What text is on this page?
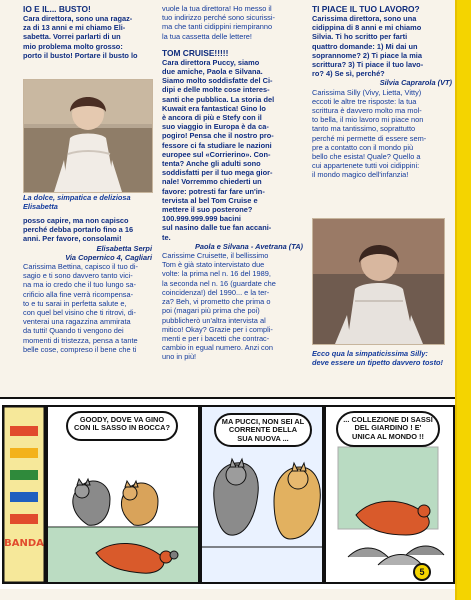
IO E IL... BUSTO!

Cara direttora, sono una ragaz-

za di 13 anni e mi chiamo Eli-

sabetta. Vorrei parlarti di un

mio problema molto grosso:

porto il busto! Portare il busto lo

La dolce, simpatica e deliziosa Elisabetta

posso capire, ma non capisco

perché debba portarlo fino a 16

anni. Per favore, consolami!

Elisabetta Serpi

Via Copernico 4, Cagliari

Carissima Bettina, capisco il tuo di-

sagio e ti sono davvero tanto vici-

na ma io credo che il tuo lungo sa-

crificio alla fine verrà ricompensa-

to e tu sarai in perfetta salute e,

con quel bel visino che ti ritrovi, di-

venterai una ragazzina ammirata

da tutti! Quando ti vengono dei

momenti di tristezza, pensa a tante

belle cose, compreso il bene che ti

vuole la tua direttora! Ho messo il

tuo indirizzo perché sono sicurissi-

ma che tanti cidippini riempiranno

la tua cassetta delle lettere!

TOM CRUISE!!!!!

Cara direttora Puccy, siamo

due amiche, Paola e Silvana.

Siamo molto soddisfatte del Ci-

dipi e delle molte cose interes-

santi che pubblica. La storia del

Kuwait era fantastica! Gino lo

è ancora di più e Stefy con il

suo viaggio in Europa è da ca-

pogiro! Pensa che il nostro pro-

fessore ci fa studiare le nazioni

europee sul «Corrierino». Con-

tenta? Anche gli adulti sono

soddisfatti per il tuo mega gior-

nale! Vorremmo chiederti un

favore: potresti far fare un'in-

tervista al bel Tom Cruise e

mettere il suo posterone?

100.999.999.999 bacini

sul nasino dalle tue fan accani-

te.

Paola e Silvana - Avetrana (TA)

Carissime Cruisette, il bellissimo

Tom è già stato intervistato due

volte: la prima nel n. 16 del 1989,

la seconda nel n. 16 (guardate che

coincidenza!) del 1990... e la ter-

za? Beh, vi prometto che prima o

poi (magari più prima che poi)

pubblicherò un'altra intervista al

mitico! Okay? Grazie per i compli-

menti e per i bacetti che contrac-

cambio in egual numero. Anzi con

uno in più!

TI PIACE IL TUO LAVORO?

Carissima direttora, sono una

cidippina di 8 anni e mi chiamo

Silvia. Ti ho scritto per farti

quattro domande: 1) Mi dai un

soprannome? 2) Ti piace la mia

scrittura? 3) Ti piace il tuo lavo-

ro? 4) Se sì, perché?

Silvia Caprarola (VT)

Carissima Silly (Vivy, Lietta, Vitty)

eccoti le altre tre risposte: la tua

scrittura è davvero molto ma mol-

to bella, il mio lavoro mi piace non

tanto ma tantissimo, soprattutto

perché mi permette di essere sem-

pre a contatto con il mondo più

bello che esista! Quale? Quello a

cui appartenete tutti voi cidippini:

il mondo magico dell'infanzia!

Ecco qua la simpaticissima Silly: deve essere un tipetto davvero tosto!
BANDA
GOODY, DOVE VA GINO CON IL SASSO IN BOCCA?
MA PUCCI, NON SEI AL CORRENTE DELLA SUA NUOVA ...
... COLLEZIONE DI SASSI DEL GIARDINO ! E' UNICA AL MONDO !!
5
